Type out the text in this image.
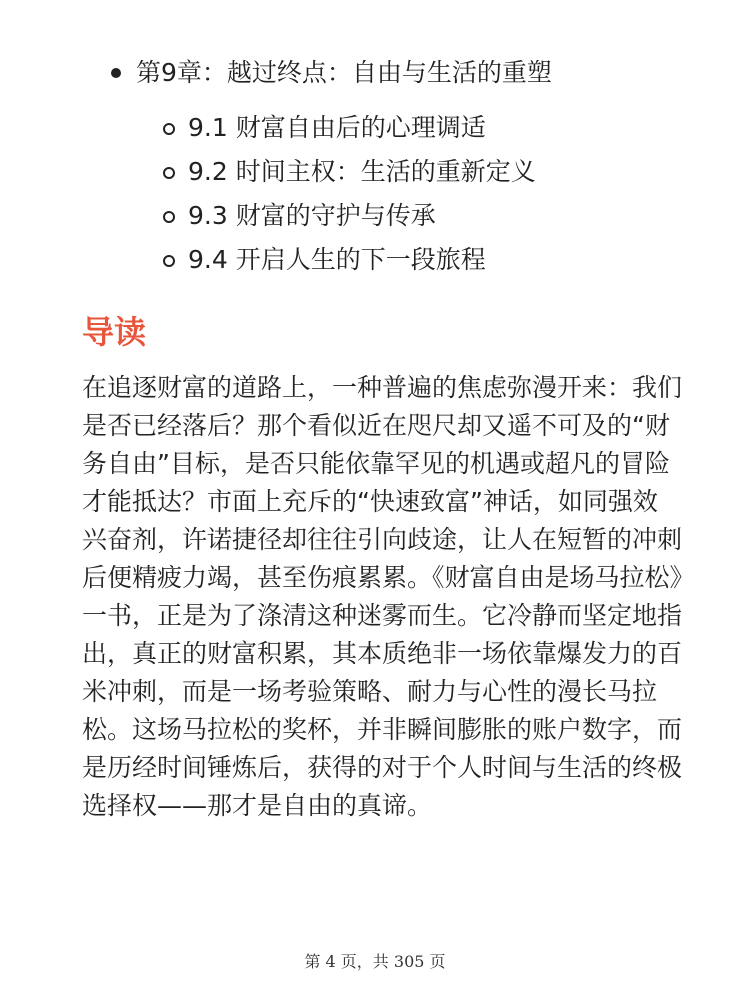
第9章：越过终点：自由与生活的重塑
9.1 财富自由后的心理调适
9.2 时间主权：生活的重新定义
9.3 财富的守护与传承
9.4 开启人生的下一段旅程
导读

在追逐财富的道路上，一种普遍的焦虑弥漫开来：我们是否已经落后？那个看似近在咫尺却又遥不可及的“财务自由”目标，是否只能依靠罕见的机遇或超凡的冒险才能抵达？市面上充斥的“快速致富”神话，如同强效兴奋剂，许诺捷径却往往引向歧途，让人在短暂的冲刺后便精疲力竭，甚至伤痕累累。《财富自由是场马拉松》一书，正是为了涤清这种迷雾而生。它冷静而坚定地指出，真正的财富积累，其本质绝非一场依靠爆发力的百米冲刺，而是一场考验策略、耐力与心性的漫长马拉松。这场马拉松的奖杯，并非瞬间膨胀的账户数字，而是历经时间锤炼后，获得的对于个人时间与生活的终极选择权——那才是自由的真谛。

第 4 页，共 305 页
